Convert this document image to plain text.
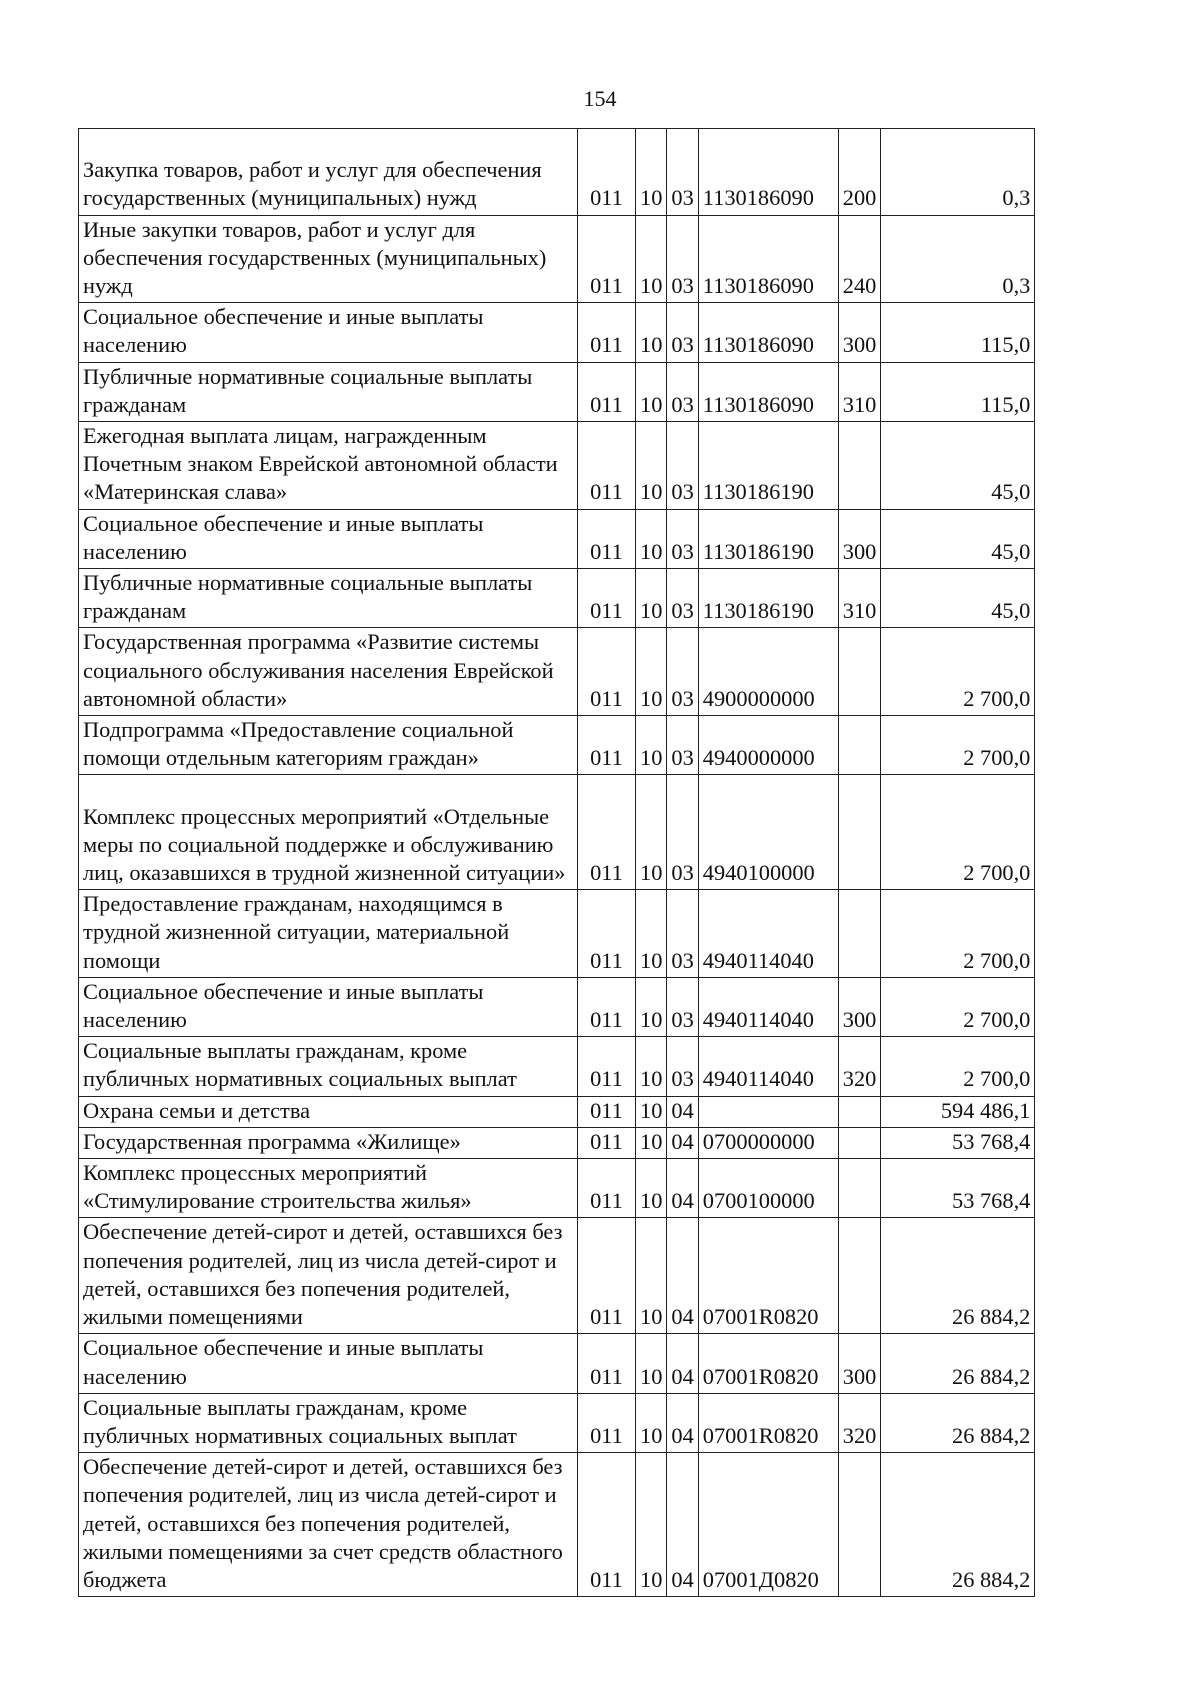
154
Закупка товаров, работ и услуг для обеспечения государственных (муниципальных) нужд	011	10	03	1130186090	200	0,3
Иные закупки товаров, работ и услуг для обеспечения государственных (муниципальных) нужд	011	10	03	1130186090	240	0,3
Социальное обеспечение и иные выплаты населению	011	10	03	1130186090	300	115,0
Публичные нормативные социальные выплаты гражданам	011	10	03	1130186090	310	115,0
Ежегодная выплата лицам, награжденным Почетным знаком Еврейской автономной области «Материнская слава»	011	10	03	1130186190		45,0
Социальное обеспечение и иные выплаты населению	011	10	03	1130186190	300	45,0
Публичные нормативные социальные выплаты гражданам	011	10	03	1130186190	310	45,0
Государственная программа «Развитие системы социального обслуживания населения Еврейской автономной области»	011	10	03	4900000000		2 700,0
Подпрограмма «Предоставление социальной помощи отдельным категориям граждан»	011	10	03	4940000000		2 700,0
Комплекс процессных мероприятий «Отдельные меры по социальной поддержке и обслуживанию лиц, оказавшихся в трудной жизненной ситуации»	011	10	03	4940100000		2 700,0
Предоставление гражданам, находящимся в трудной жизненной ситуации, материальной помощи	011	10	03	4940114040		2 700,0
Социальное обеспечение и иные выплаты населению	011	10	03	4940114040	300	2 700,0
Социальные выплаты гражданам, кроме публичных нормативных социальных выплат	011	10	03	4940114040	320	2 700,0
Охрана семьи и детства	011	10	04			594 486,1
Государственная программа «Жилище»	011	10	04	0700000000		53 768,4
Комплекс процессных мероприятий «Стимулирование строительства жилья»	011	10	04	0700100000		53 768,4
Обеспечение детей-сирот и детей, оставшихся без попечения родителей, лиц из числа детей-сирот и детей, оставшихся без попечения родителей, жилыми помещениями	011	10	04	07001R0820		26 884,2
Социальное обеспечение и иные выплаты населению	011	10	04	07001R0820	300	26 884,2
Социальные выплаты гражданам, кроме публичных нормативных социальных выплат	011	10	04	07001R0820	320	26 884,2
Обеспечение детей-сирот и детей, оставшихся без попечения родителей, лиц из числа детей-сирот и детей, оставшихся без попечения родителей, жилыми помещениями за счет средств областного бюджета	011	10	04	07001Д0820		26 884,2
